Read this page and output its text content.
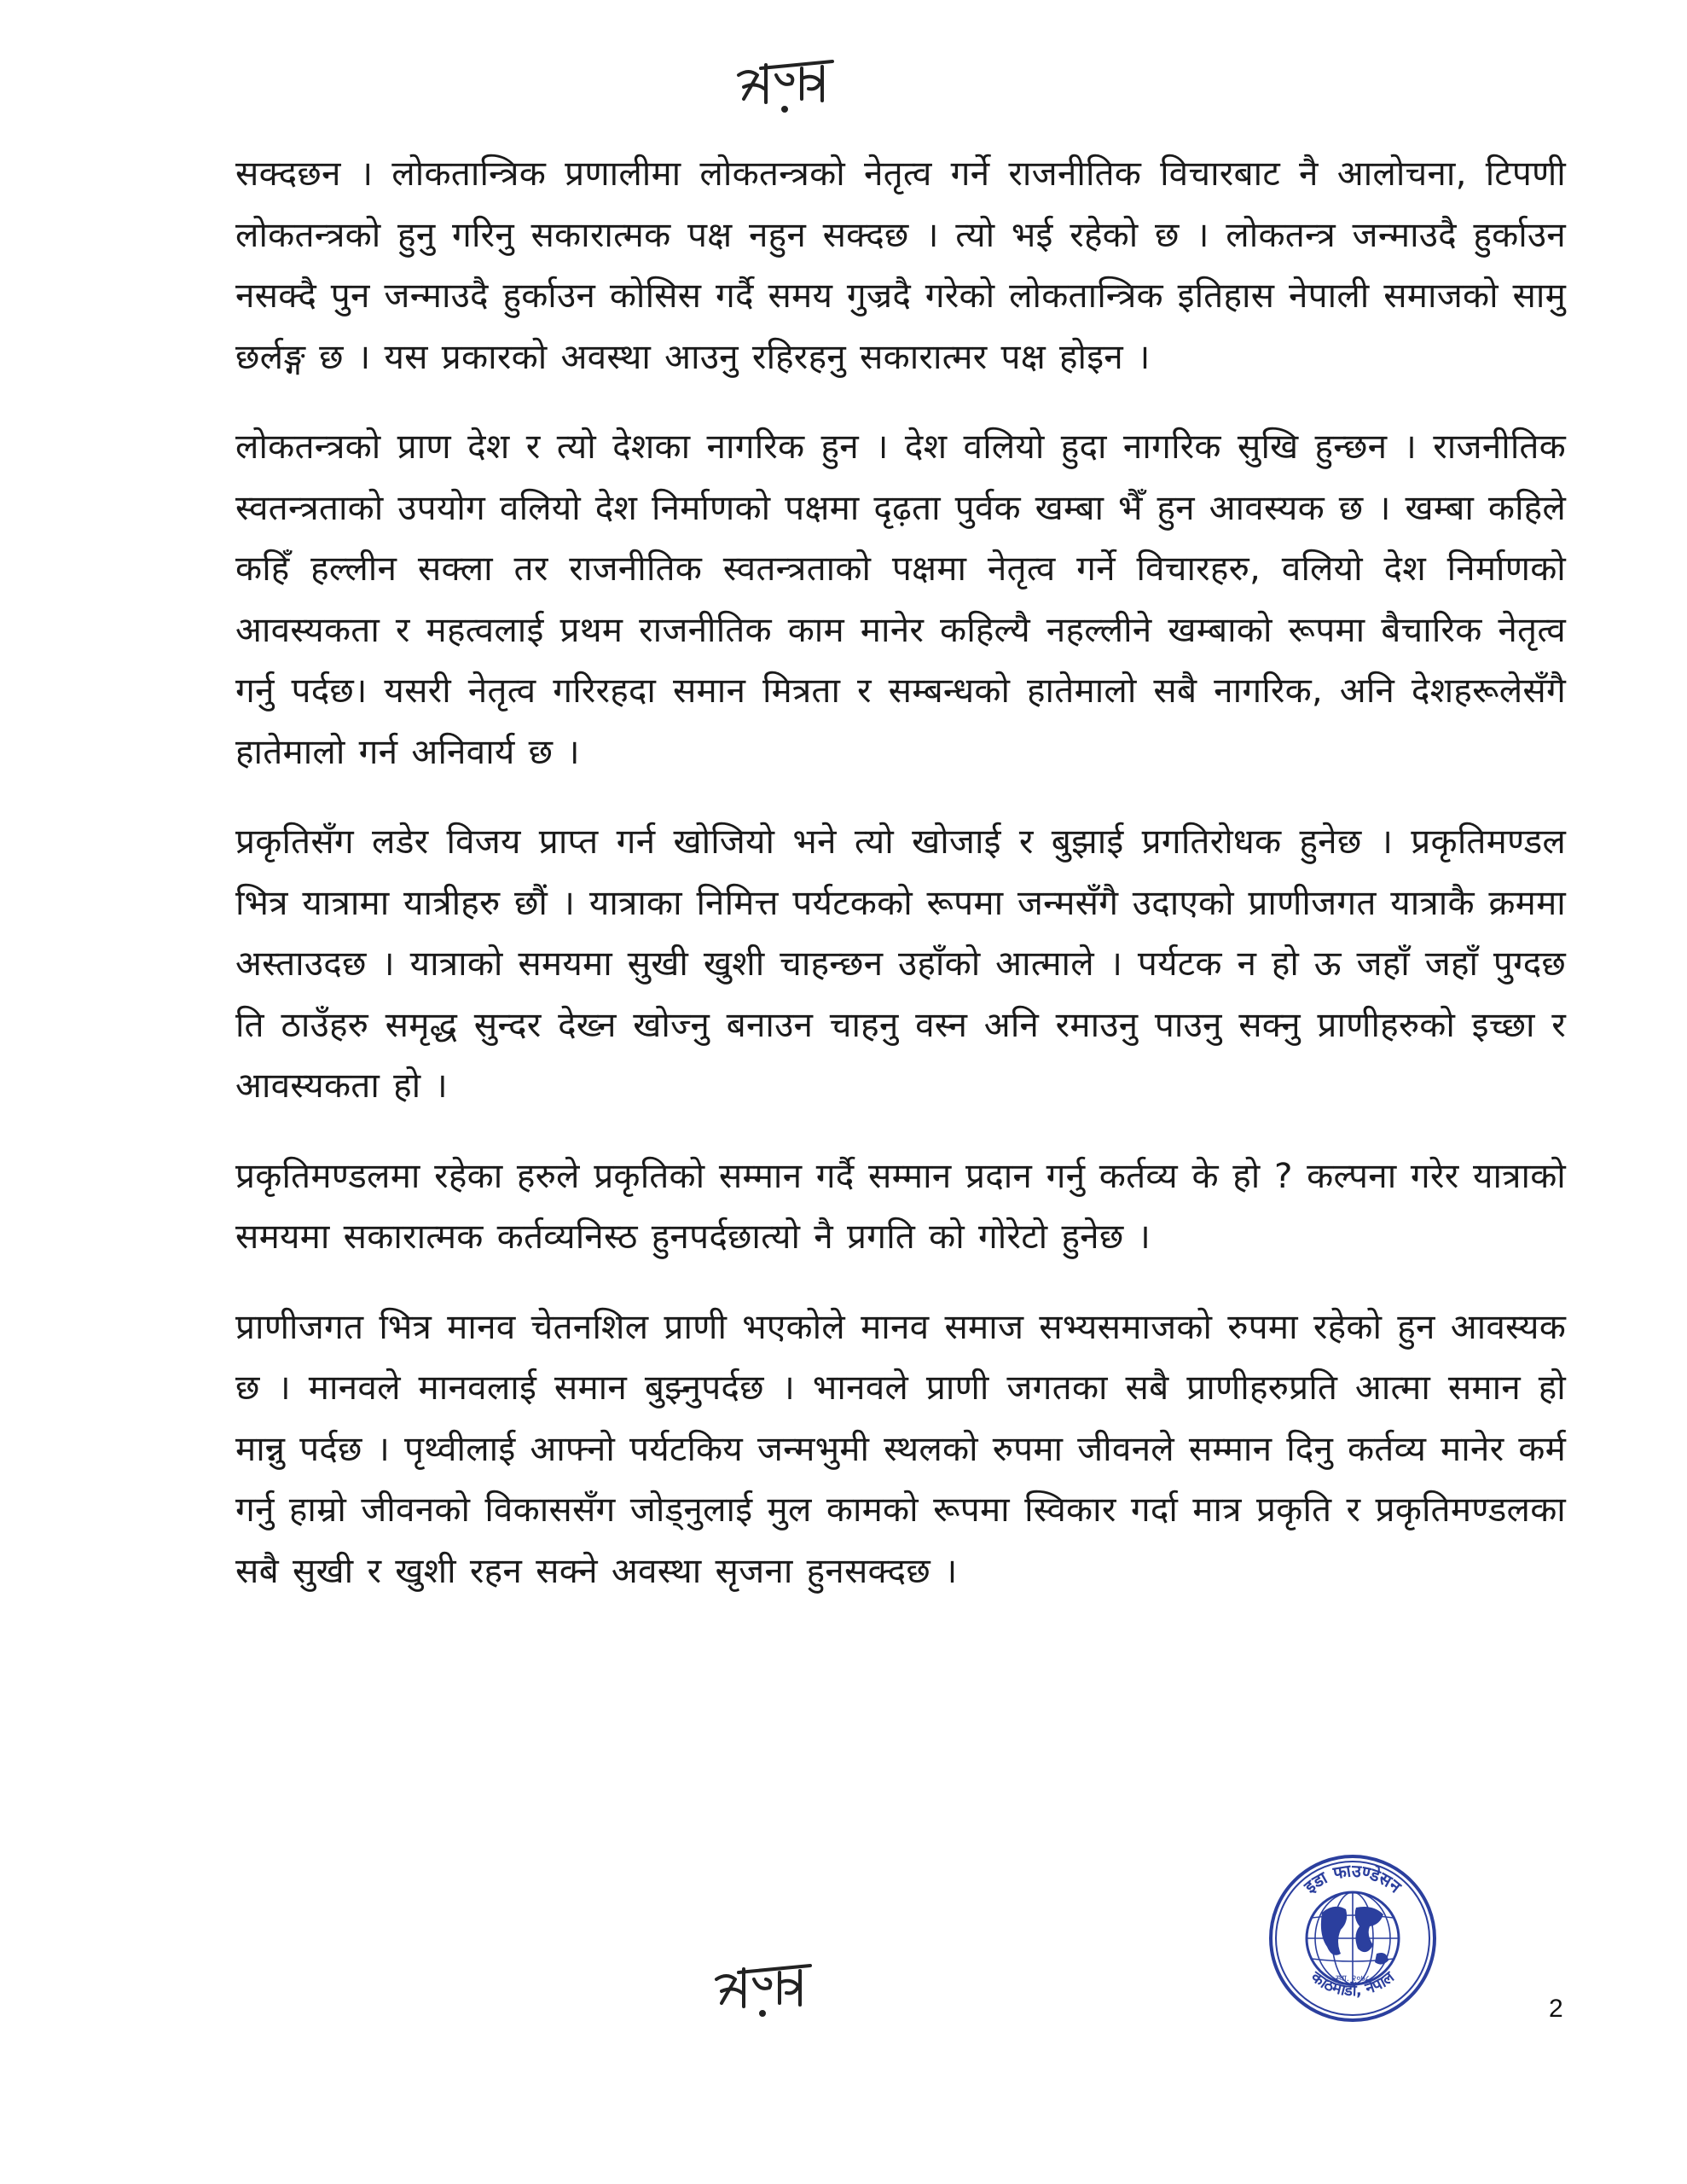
सक्दछन । लोकतान्त्रिक प्रणालीमा लोकतन्त्रको नेतृत्व गर्ने राजनीतिक विचारबाट नै आलोचना, टिपणी लोकतन्त्रको हुनु गरिनु सकारात्मक पक्ष नहुन सक्दछ । त्यो भई रहेको छ । लोकतन्त्र जन्माउदै हुर्काउन नसक्दै पुन जन्माउदै हुर्काउन कोसिस गर्दै समय गुज्रदै गरेको लोकतान्त्रिक इतिहास नेपाली समाजको सामु छर्लङ्ग छ । यस प्रकारको अवस्था आउनु रहिरहनु सकारात्मर पक्ष होइन ।

लोकतन्त्रको प्राण देश र त्यो देशका नागरिक हुन । देश वलियो हुदा नागरिक सुखि हुन्छन । राजनीतिक स्वतन्त्रताको उपयोग वलियो देश निर्माणको पक्षमा दृढ़ता पुर्वक खम्बा भैँ हुन आवस्यक छ । खम्बा कहिले कहिँ हल्लीन सक्ला तर राजनीतिक स्वतन्त्रताको पक्षमा नेतृत्व गर्ने विचारहरु, वलियो देश निर्माणको आवस्यकता र महत्वलाई प्रथम राजनीतिक काम मानेर कहिल्यै नहल्लीने खम्बाको रूपमा बैचारिक नेतृत्व गर्नु पर्दछ। यसरी नेतृत्व गरिरहदा समान मित्रता र सम्बन्धको हातेमालो सबै नागरिक, अनि देशहरूलेसँगै हातेमालो गर्न अनिवार्य छ ।

प्रकृतिसँग लडेर विजय प्राप्त गर्न खोजियो भने त्यो खोजाई र बुझाई प्रगतिरोधक हुनेछ । प्रकृतिमण्डल भित्र यात्रामा यात्रीहरु छौं । यात्राका निमित्त पर्यटकको रूपमा जन्मसँगै उदाएको प्राणीजगत यात्राकै क्रममा अस्ताउदछ । यात्राको समयमा सुखी खुशी चाहन्छन उहाँको आत्माले । पर्यटक न हो ऊ जहाँ जहाँ पुग्दछ ति ठाउँहरु समृद्ध सुन्दर देख्न खोज्नु बनाउन चाहनु वस्न अनि रमाउनु पाउनु सक्नु प्राणीहरुको इच्छा र आवस्यकता हो ।

प्रकृतिमण्डलमा रहेका हरुले प्रकृतिको सम्मान गर्दै सम्मान प्रदान गर्नु कर्तव्य के हो ? कल्पना गरेर यात्राको समयमा सकारात्मक कर्तव्यनिस्ठ हुनपर्दछात्यो नै प्रगति को गोरेटो हुनेछ ।

प्राणीजगत भित्र मानव चेतनशिल प्राणी भएकोले मानव समाज सभ्यसमाजको रुपमा रहेको हुन आवस्यक छ । मानवले मानवलाई समान बुझ्नुपर्दछ । भानवले प्राणी जगतका सबै प्राणीहरुप्रति आत्मा समान हो मान्नु पर्दछ । पृथ्वीलाई आफ्नो पर्यटकिय जन्मभुमी स्थलको रुपमा जीवनले सम्मान दिनु कर्तव्य मानेर कर्म गर्नु हाम्रो जीवनको विकाससँग जोड्नुलाई मुल कामको रूपमा स्विकार गर्दा मात्र प्रकृति र प्रकृतिमण्डलका सबै सुखी र खुशी रहन सक्ने अवस्था सृजना हुनसक्दछ ।

इडा फाउण्डेसन
काठमाडौं, नेपाल
स्था. २०७८
2
